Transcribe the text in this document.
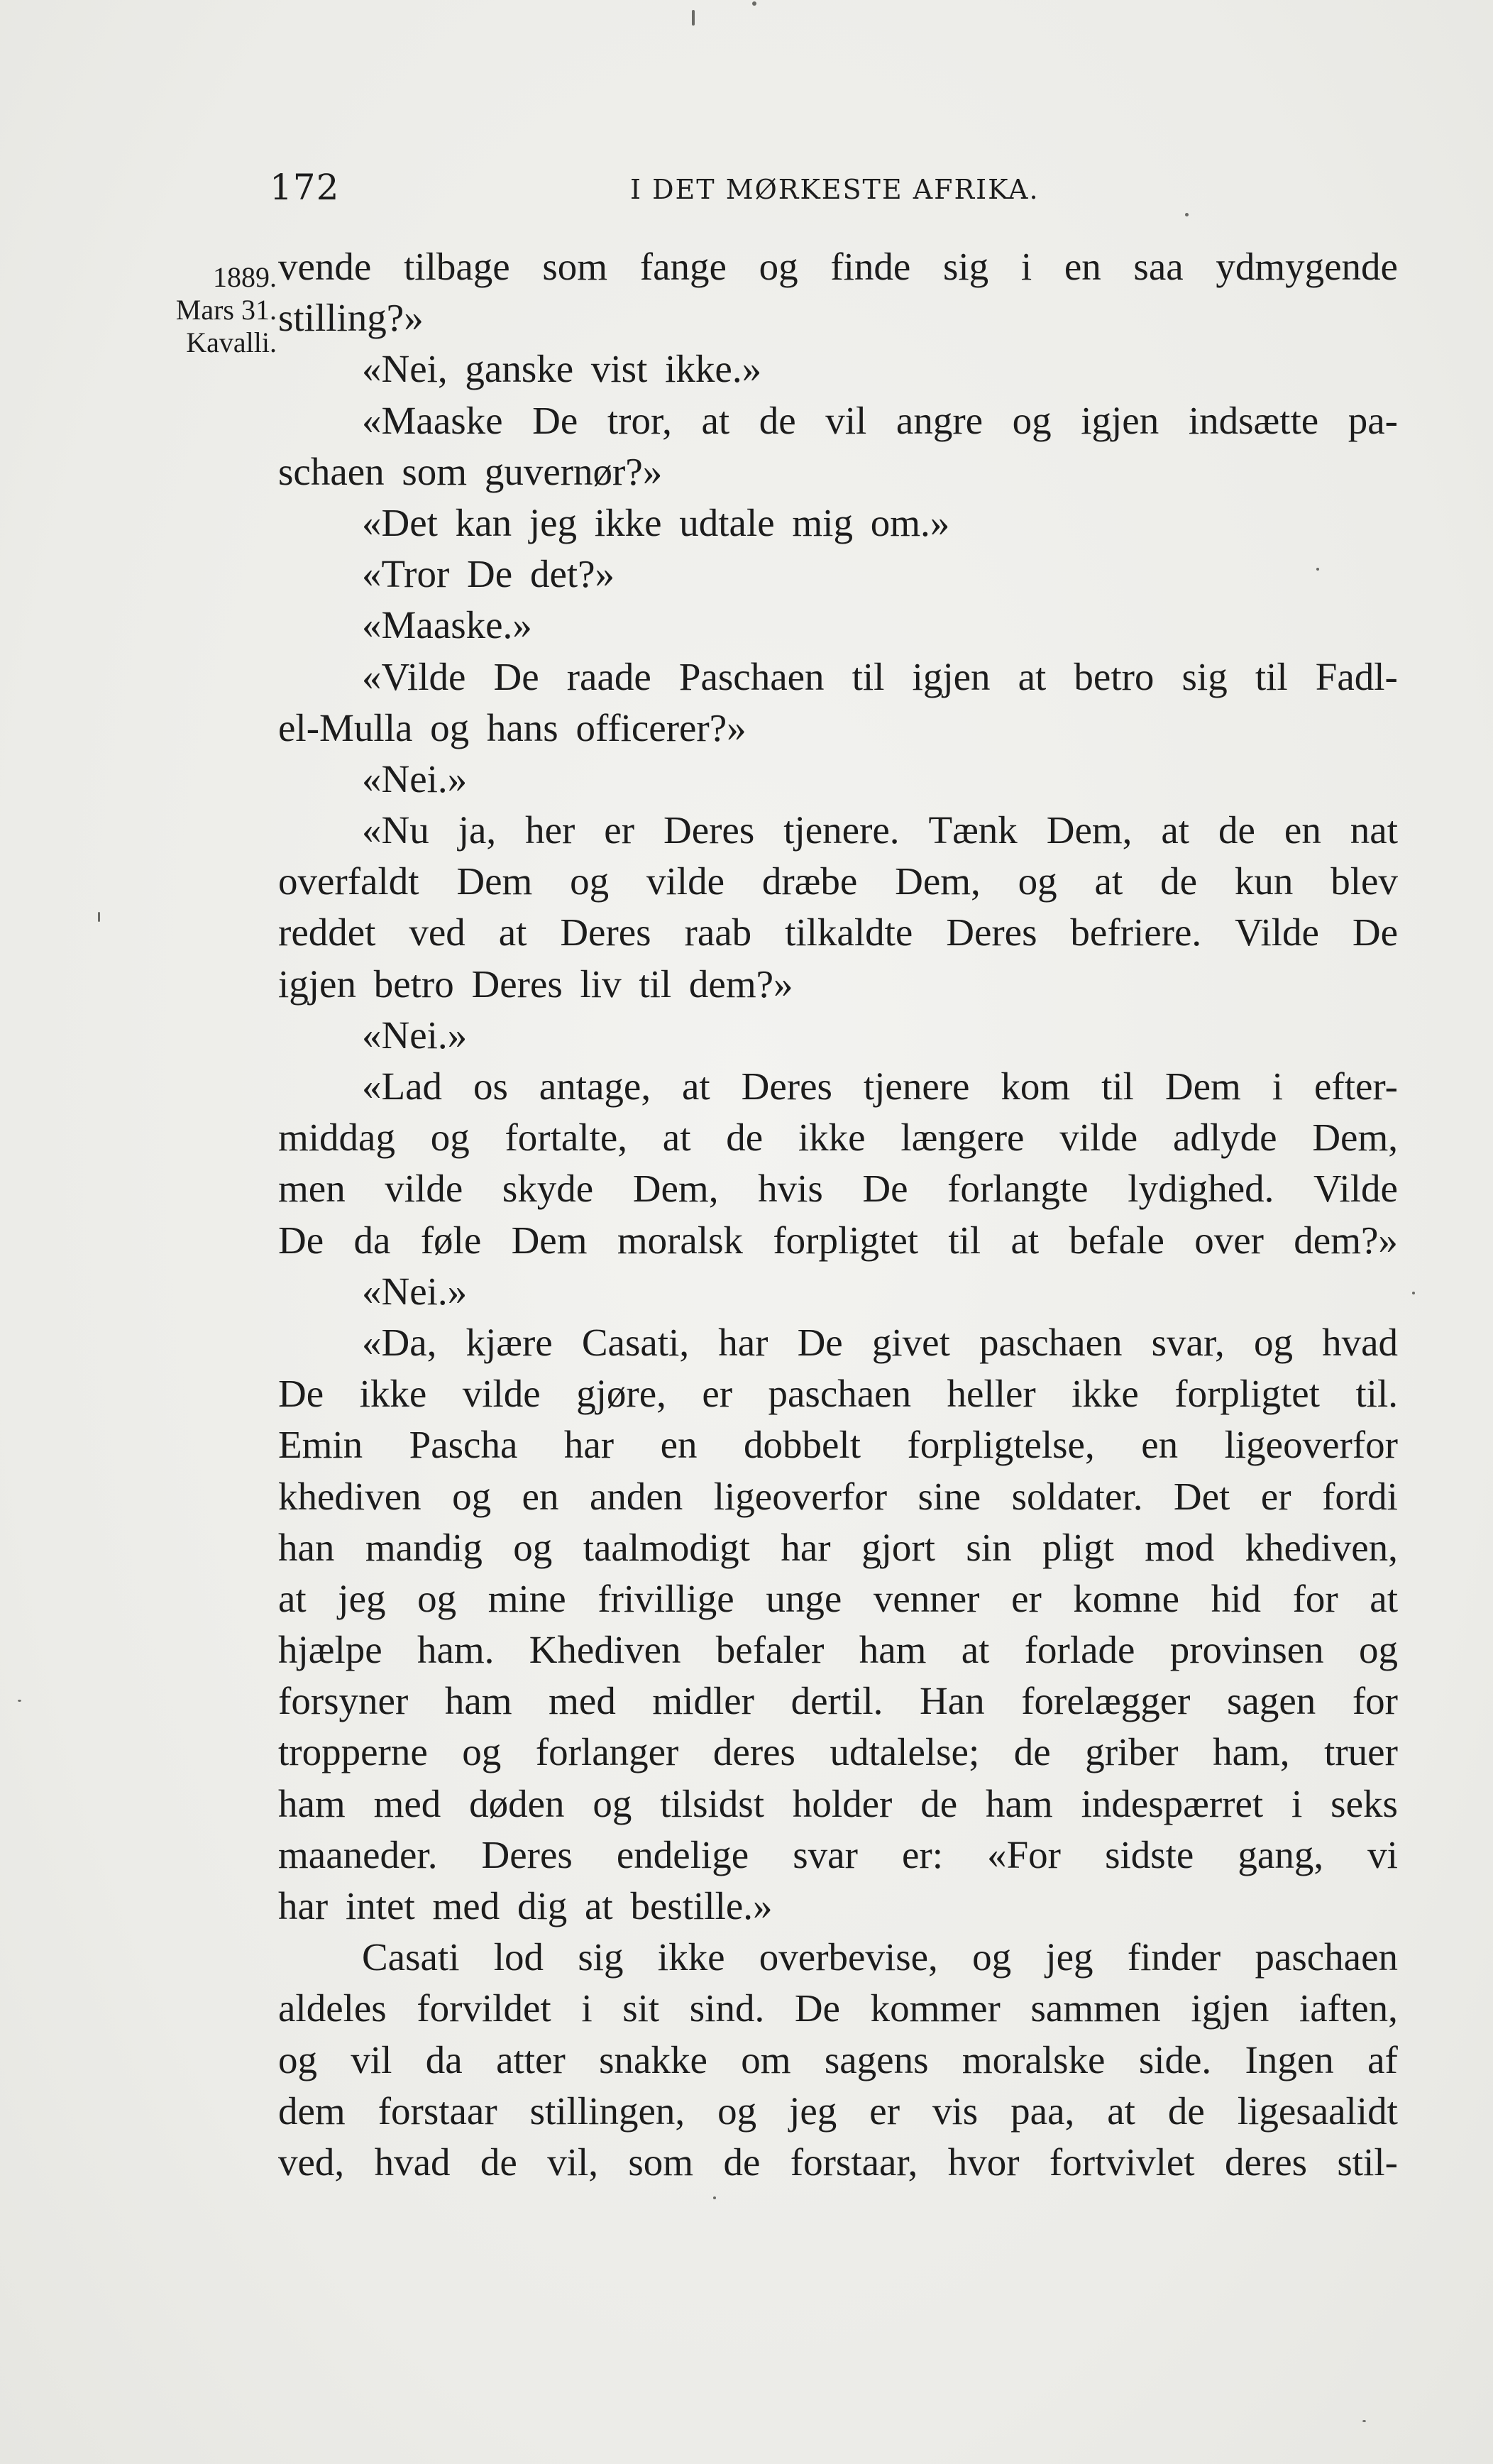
172	I DET MØRKESTE AFRIKA.
1889.
Mars 31.
Kavalli.
vende tilbage som fange og finde sig i en saa ydmygende
stilling?»
«Nei, ganske vist ikke.»
«Maaske De tror, at de vil angre og igjen indsætte pa-
schaen som guvernør?»
«Det kan jeg ikke udtale mig om.»
«Tror De det?»
«Maaske.»
«Vilde De raade Paschaen til igjen at betro sig til Fadl-
el-Mulla og hans officerer?»
«Nei.»
«Nu ja, her er Deres tjenere. Tænk Dem, at de en nat
overfaldt Dem og vilde dræbe Dem, og at de kun blev
reddet ved at Deres raab tilkaldte Deres befriere. Vilde De
igjen betro Deres liv til dem?»
«Nei.»
«Lad os antage, at Deres tjenere kom til Dem i efter-
middag og fortalte, at de ikke længere vilde adlyde Dem,
men vilde skyde Dem, hvis De forlangte lydighed. Vilde
De da føle Dem moralsk forpligtet til at befale over dem?»
«Nei.»
«Da, kjære Casati, har De givet paschaen svar, og hvad
De ikke vilde gjøre, er paschaen heller ikke forpligtet til.
Emin Pascha har en dobbelt forpligtelse, en ligeoverfor
khediven og en anden ligeoverfor sine soldater. Det er fordi
han mandig og taalmodigt har gjort sin pligt mod khediven,
at jeg og mine frivillige unge venner er komne hid for at
hjælpe ham. Khediven befaler ham at forlade provinsen og
forsyner ham med midler dertil. Han forelægger sagen for
tropperne og forlanger deres udtalelse; de griber ham, truer
ham med døden og tilsidst holder de ham indespærret i seks
maaneder. Deres endelige svar er: «For sidste gang, vi
har intet med dig at bestille.»
Casati lod sig ikke overbevise, og jeg finder paschaen
aldeles forvildet i sit sind. De kommer sammen igjen iaften,
og vil da atter snakke om sagens moralske side. Ingen af
dem forstaar stillingen, og jeg er vis paa, at de ligesaalidt
ved, hvad de vil, som de forstaar, hvor fortvivlet deres stil-
